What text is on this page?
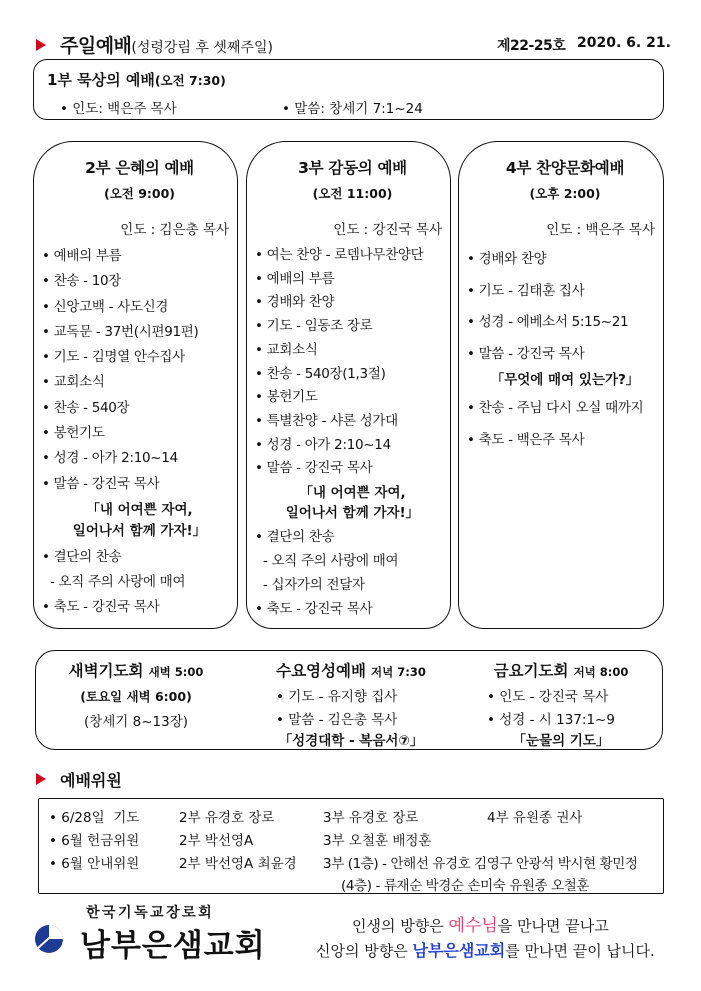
주일예배(성령강림 후 셋째주일)	제22-25호 2020. 6. 21.
1부 묵상의 예배(오전 7:30)
• 인도: 백은주 목사	• 말씀: 창세기 7:1~24
2부 은혜의 예배
(오전 9:00)
인도 : 김은총 목사
• 예배의 부름
• 찬송 - 10장
• 신앙고백 - 사도신경
• 교독문 - 37번(시편91편)
• 기도 - 김명열 안수집사
• 교회소식
• 찬송 - 540장
• 봉헌기도
• 성경 - 아가 2:10~14
• 말씀 - 강진국 목사
「내 어여쁜 자여,
일어나서 함께 가자!」
• 결단의 찬송
- 오직 주의 사랑에 매여
• 축도 - 강진국 목사
3부 감동의 예배
(오전 11:00)
인도 : 강진국 목사
• 여는 찬양 - 로뎀나무찬양단
• 예배의 부름
• 경배와 찬양
• 기도 - 임동조 장로
• 교회소식
• 찬송 - 540장(1,3절)
• 봉헌기도
• 특별찬양 - 샤론 성가대
• 성경 - 아가 2:10~14
• 말씀 - 강진국 목사
「내 어여쁜 자여,
일어나서 함께 가자!」
• 결단의 찬송
- 오직 주의 사랑에 매여
- 십자가의 전달자
• 축도 - 강진국 목사
4부 찬양문화예배
(오후 2:00)
인도 : 백은주 목사
• 경배와 찬양
• 기도 - 김태훈 집사
• 성경 - 에베소서 5:15~21
• 말씀 - 강진국 목사
「무엇에 매여 있는가?」
• 찬송 - 주님 다시 오실 때까지
• 축도 - 백은주 목사
새벽기도회 새벽 5:00
(토요일 새벽 6:00)
(창세기 8~13장)
수요영성예배 저녁 7:30
• 기도 - 유지향 집사
• 말씀 - 김은총 목사
「성경대학 - 복음서⑦」
금요기도회 저녁 8:00
• 인도 - 강진국 목사
• 성경 - 시 137:1~9
「눈물의 기도」
예배위원
• 6/28일  기도	2부 유경호 장로	3부 유경호 장로	4부 유원종 권사
• 6월 헌금위원	2부 박선영A	3부 오철훈 배정훈
• 6월 안내위원	2부 박선영A 최윤경 3부 (1층) - 안해선 유경호 김영구 안광석 박시현 황민정
(4층) - 류재순 박경순 손미숙 유원종 오철훈
한국기독교장로회
남부은샘교회
인생의 방향은 예수님을 만나면 끝나고
신앙의 방향은 남부은샘교회를 만나면 끝이 납니다.
